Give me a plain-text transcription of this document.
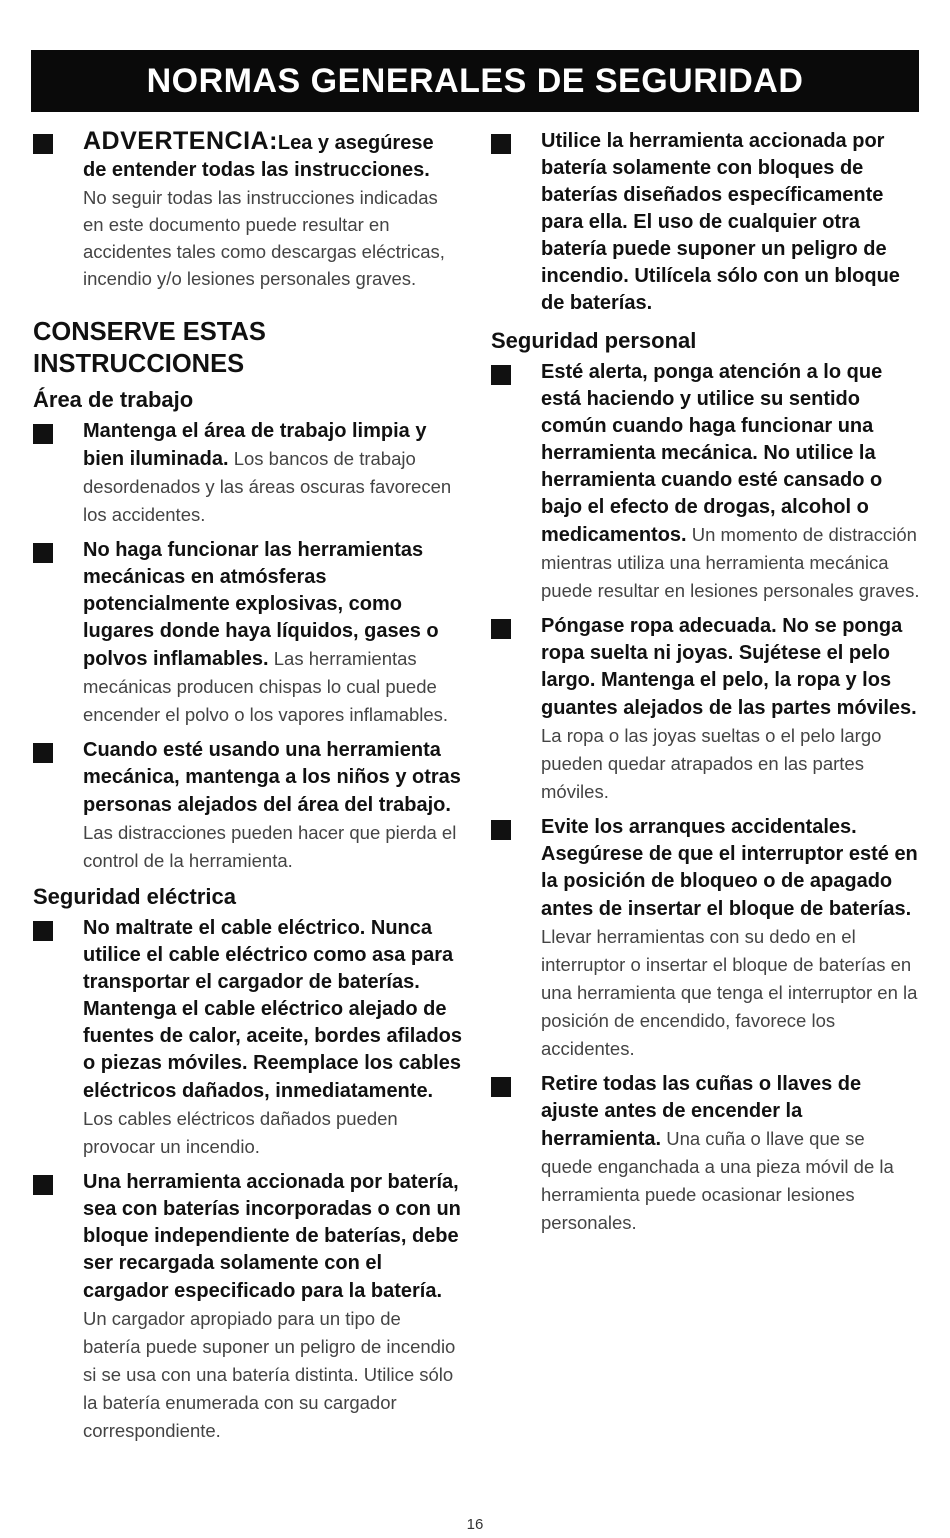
NORMAS GENERALES DE SEGURIDAD
ADVERTENCIA:Lea y asegúrese
de entender todas las instrucciones.
No seguir todas las instrucciones indicadas en este documento puede resultar en accidentes tales como descargas eléctricas, incendio y/o lesiones personales graves.
CONSERVE ESTAS INSTRUCCIONES
Área de trabajo
Mantenga el área de trabajo limpia y bien iluminada. Los bancos de trabajo desordenados y las áreas oscuras favorecen los accidentes.
No haga funcionar las herramientas mecánicas en atmósferas potencialmente explosivas, como lugares donde haya líquidos, gases o polvos inflamables. Las herramientas mecánicas producen chispas lo cual puede encender el polvo o los vapores inflamables.
Cuando esté usando una herramienta mecánica, mantenga a los niños y otras personas alejados del área del trabajo. Las distracciones pueden hacer que pierda el control de la herramienta.
Seguridad eléctrica
No maltrate el cable eléctrico. Nunca utilice el cable eléctrico como asa para transportar el cargador de baterías. Mantenga el cable eléctrico alejado de fuentes de calor, aceite, bordes afilados o piezas móviles. Reemplace los cables eléctricos dañados, inmediatamente. Los cables eléctricos dañados pueden provocar un incendio.
Una herramienta accionada por batería, sea con baterías incorporadas o con un bloque independiente de baterías, debe ser recargada solamente con el cargador especificado para la batería. Un cargador apropiado para un tipo de batería puede suponer un peligro de incendio si se usa con una batería distinta. Utilice sólo la batería enumerada con su cargador correspondiente.
Utilice la herramienta accionada por batería solamente con bloques de baterías diseñados específicamente para ella. El uso de cualquier otra batería puede suponer un peligro de incendio. Utilícela sólo con un bloque de baterías.
Seguridad personal
Esté alerta, ponga atención a lo que está haciendo y utilice su sentido común cuando haga funcionar una herramienta mecánica. No utilice la herramienta cuando esté cansado o bajo el efecto de drogas, alcohol o medicamentos. Un momento de distracción mientras utiliza una herramienta mecánica puede resultar en lesiones personales graves.
Póngase ropa adecuada. No se ponga ropa suelta ni joyas. Sujétese el pelo largo. Mantenga el pelo, la ropa y los guantes alejados de las partes móviles. La ropa o las joyas sueltas o el pelo largo pueden quedar atrapados en las partes móviles.
Evite los arranques accidentales. Asegúrese de que el interruptor esté en la posición de bloqueo o de apagado antes de insertar el bloque de baterías. Llevar herramientas con su dedo en el interruptor o insertar el bloque de baterías en una herramienta que tenga el interruptor en la posición de encendido, favorece los accidentes.
Retire todas las cuñas o llaves de ajuste antes de encender la herramienta. Una cuña o llave que se quede enganchada a una pieza móvil de la herramienta puede ocasionar lesiones personales.
16
